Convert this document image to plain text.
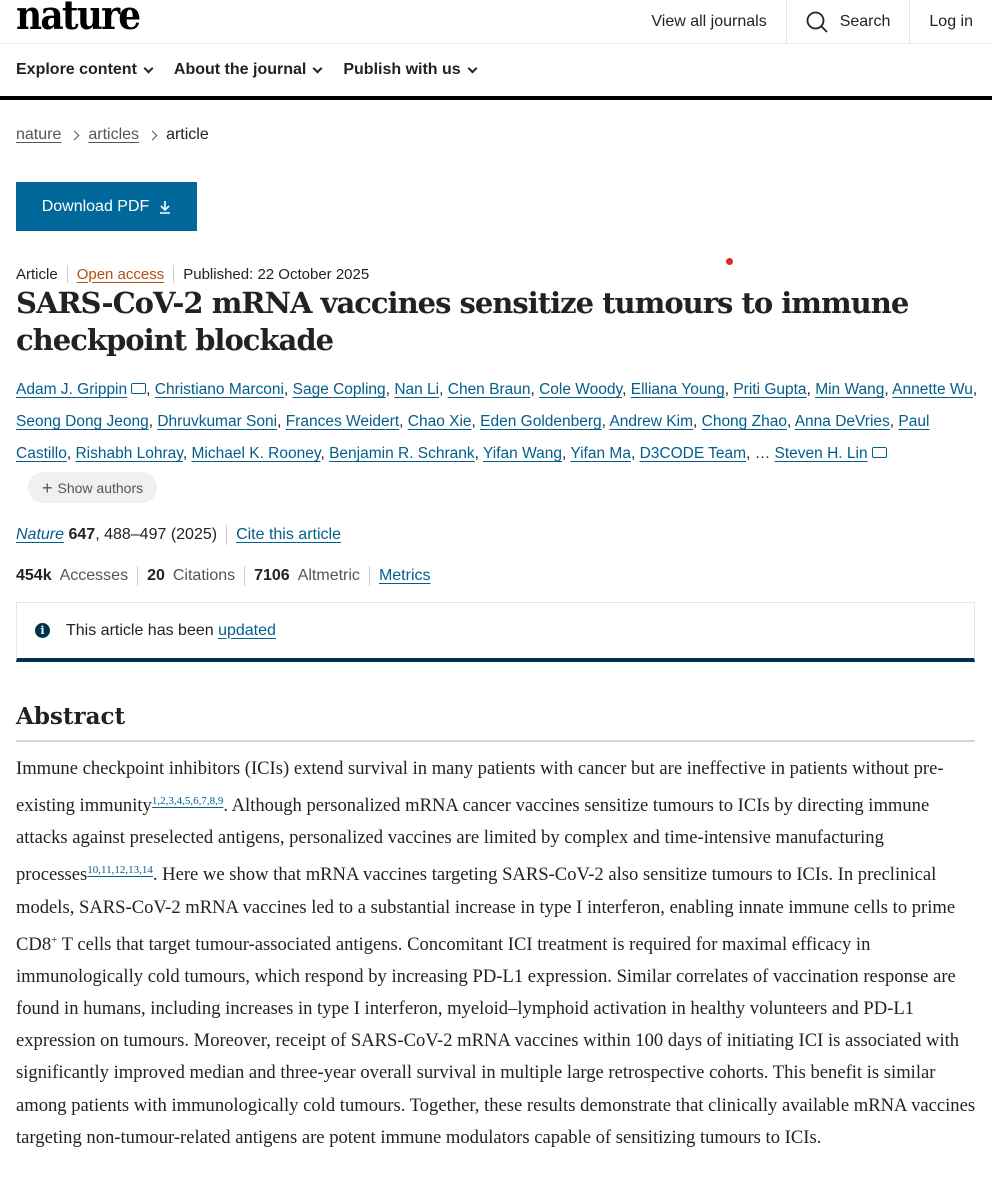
nature	View all journals	Search	Log in
Explore content About the journal Publish with us
nature articles article
Download PDF
Article Open access Published: 22 October 2025
SARS-CoV-2 mRNA vaccines sensitize tumours to immune checkpoint blockade
Adam J. Grippin , Christiano Marconi, Sage Copling, Nan Li, Chen Braun, Cole Woody, Elliana Young, Priti Gupta, Min Wang, Annette Wu, Seong Dong Jeong, Dhruvkumar Soni, Frances Weidert, Chao Xie, Eden Goldenberg, Andrew Kim, Chong Zhao, Anna DeVries, Paul Castillo, Rishabh Lohray, Michael K. Rooney, Benjamin R. Schrank, Yifan Wang, Yifan Ma, D3CODE Team, … Steven H. Lin
+ Show authors
Nature
647 , 488–497 (2025) Cite this article
454k Accesses 20 Citations 7106 Altmetric Metrics
i	This article has been updated
Abstract
Immune checkpoint inhibitors (ICIs) extend survival in many patients with cancer but are ineffective in patients without pre-existing immunity$^{1,2,3,4,5,6,7,8,9}$. Although personalized mRNA cancer vaccines sensitize tumours to ICIs by directing immune attacks against preselected antigens, personalized vaccines are limited by complex and time-intensive manufacturing processes$^{10,11,12,13,14}$. Here we show that mRNA vaccines targeting SARS-CoV-2 also sensitize tumours to ICIs. In preclinical models, SARS-CoV-2 mRNA vaccines led to a substantial increase in type I interferon, enabling innate immune cells to prime CD8+ T cells that target tumour-associated antigens. Concomitant ICI treatment is required for maximal efficacy in immunologically cold tumours, which respond by increasing PD-L1 expression. Similar correlates of vaccination response are found in humans, including increases in type I interferon, myeloid–lymphoid activation in healthy volunteers and PD-L1 expression on tumours. Moreover, receipt of SARS-CoV-2 mRNA vaccines within 100 days of initiating ICI is associated with significantly improved median and three-year overall survival in multiple large retrospective cohorts. This benefit is similar among patients with immunologically cold tumours. Together, these results demonstrate that clinically available mRNA vaccines targeting non-tumour-related antigens are potent immune modulators capable of sensitizing tumours to ICIs.
